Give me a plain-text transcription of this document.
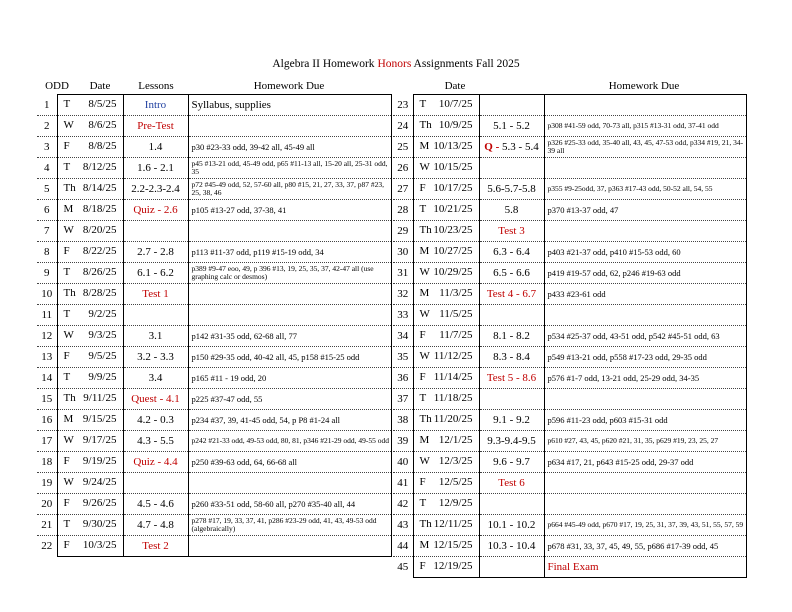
Algebra II Homework Honors Assignments Fall 2025
ODD	Date	Lessons	Homework Due	Date	Homework Due
1	T 8/5/25	Intro	Syllabus, supplies
2	W 8/6/25	Pre-Test	
3	F 8/8/25	1.4	p30 #23-33 odd, 39-42 all, 45-49 all
4	T 8/12/25	1.6 - 2.1	p45 #13-21 odd, 45-49 odd, p65 #11-13 all, 15-20 all, 25-31 odd, 35
5	Th 8/14/25	2.2-2.3-2.4	p72 #45-49 odd, 52, 57-60 all, p80 #15, 21, 27, 33, 37, p87 #23, 25, 38, 46
6	M 8/18/25	Quiz - 2.6	p105 #13-27 odd, 37-38, 41
7	W 8/20/25		

8	F 8/22/25	2.7 - 2.8	p113 #11-37 odd, p119 #15-19 odd, 34
9	T 8/26/25	6.1 - 6.2	p389 #9-47 eoo, 49, p 396 #13, 19, 25, 35, 37, 42-47 all (use graphing calc or desmos)
10	Th 8/28/25	Test 1	
11	T 9/2/25		

12	W 9/3/25	3.1	p142 #31-35 odd, 62-68 all, 77
13	F 9/5/25	3.2 - 3.3	p150 #29-35 odd, 40-42 all, 45, p158 #15-25 odd
14	T 9/9/25	3.4	p165 #11 - 19 odd, 20
15	Th 9/11/25	Quest - 4.1	p225 #37-47 odd, 55
16	M 9/15/25	4.2 - 0.3	p234 #37, 39, 41-45 odd, 54, p P8 #1-24 all
17	W 9/17/25	4.3 - 5.5	p242 #21-33 odd, 49-53 odd, 80, 81, p346 #21-29 odd, 49-55 odd
18	F 9/19/25	Quiz - 4.4	p250 #39-63 odd, 64, 66-68 all
19	W 9/24/25		

20	F 9/26/25	4.5 - 4.6	p260 #33-51 odd, 58-60 all, p270 #35-40 all, 44
21	T 9/30/25	4.7 - 4.8	p278 #17, 19, 33, 37, 41, p286 #23-29 odd, 41, 43, 49-53 odd (algebraically)
22	F 10/3/25	Test 2	
23	T 10/7/25		

24	Th 10/9/25	5.1 - 5.2	p308 #41-59 odd, 70-73 all, p315 #13-31 odd, 37-41 odd
25	M 10/13/25	Q - 5.3 - 5.4	p326 #25-33 odd, 35-40 all, 43, 45, 47-53 odd, p334 #19, 21, 34-39 all
26	W 10/15/25		

27	F 10/17/25	5.6-5.7-5.8	p355 #9-25odd, 37, p363 #17-43 odd, 50-52 all, 54, 55
28	T 10/21/25	5.8	p370 #13-37 odd, 47
29	Th 10/23/25	Test 3	
30	M 10/27/25	6.3 - 6.4	p403 #21-37 odd, p410 #15-53 odd, 60
31	W 10/29/25	6.5 - 6.6	p419 #19-57 odd, 62, p246 #19-63 odd
32	M 11/3/25	Test 4 - 6.7	p433 #23-61 odd
33	W 11/5/25		

34	F 11/7/25	8.1 - 8.2	p534 #25-37 odd, 43-51 odd, p542 #45-51 odd, 63
35	W 11/12/25	8.3 - 8.4	p549 #13-21 odd, p558 #17-23 odd, 29-35 odd
36	F 11/14/25	Test 5 - 8.6	p576 #1-7 odd, 13-21 odd, 25-29 odd, 34-35
37	T 11/18/25		

38	Th 11/20/25	9.1 - 9.2	p596 #11-23 odd, p603 #15-31 odd
39	M 12/1/25	9.3-9.4-9.5	p610 #27, 43, 45, p620 #21, 31, 35, p629 #19, 23, 25, 27
40	W 12/3/25	9.6 - 9.7	p634 #17, 21, p643 #15-25 odd, 29-37 odd
41	F 12/5/25	Test 6	
42	T 12/9/25		

43	Th 12/11/25	10.1 - 10.2	p664 #45-49 odd, p670 #17, 19, 25, 31, 37, 39, 43, 51, 55, 57, 59
44	M 12/15/25	10.3 - 10.4	p678 #31, 33, 37, 45, 49, 55, p686 #17-39 odd, 45
45	F 12/19/25		Final Exam
